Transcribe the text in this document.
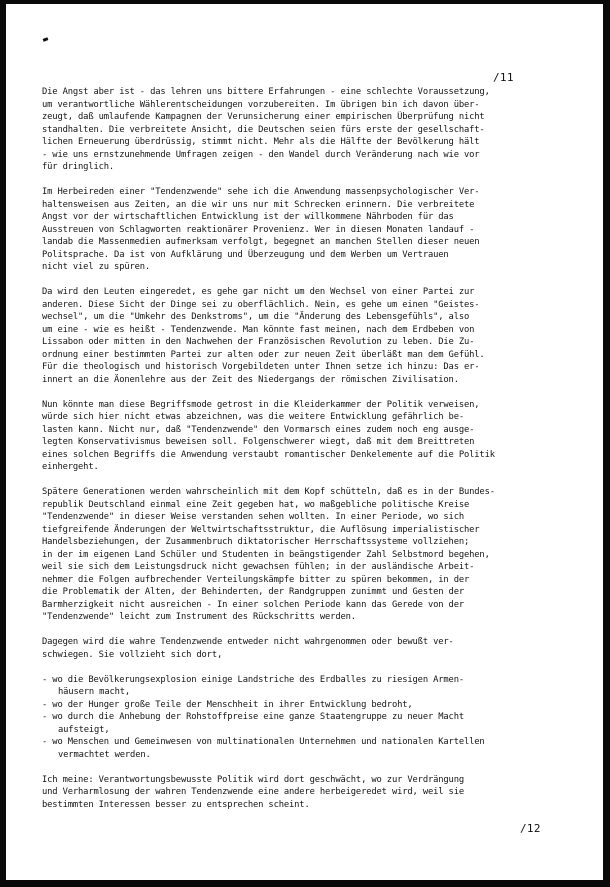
/11
Die Angst aber ist - das lehren uns bittere Erfahrungen - eine schlechte Voraussetzung,
um verantwortliche Wählerentscheidungen vorzubereiten. Im übrigen bin ich davon über-
zeugt, daß umlaufende Kampagnen der Verunsicherung einer empirischen Überprüfung nicht
standhalten. Die verbreitete Ansicht, die Deutschen seien fürs erste der gesellschaft-
lichen Erneuerung überdrüssig, stimmt nicht. Mehr als die Hälfte der Bevölkerung hält
- wie uns ernstzunehmende Umfragen zeigen - den Wandel durch Veränderung nach wie vor
für dringlich.
Im Herbeireden einer "Tendenzwende" sehe ich die Anwendung massenpsychologischer Ver-
haltensweisen aus Zeiten, an die wir uns nur mit Schrecken erinnern. Die verbreitete
Angst vor der wirtschaftlichen Entwicklung ist der willkommene Nährboden für das
Ausstreuen von Schlagworten reaktionärer Provenienz. Wer in diesen Monaten landauf -
landab die Massenmedien aufmerksam verfolgt, begegnet an manchen Stellen dieser neuen
Politsprache. Da ist von Aufklärung und Überzeugung und dem Werben um Vertrauen
nicht viel zu spüren.
Da wird den Leuten eingeredet, es gehe gar nicht um den Wechsel von einer Partei zur
anderen. Diese Sicht der Dinge sei zu oberflächlich. Nein, es gehe um einen "Geistes-
wechsel", um die "Umkehr des Denkstroms", um die "Änderung des Lebensgefühls", also
um eine - wie es heißt - Tendenzwende. Man könnte fast meinen, nach dem Erdbeben von
Lissabon oder mitten in den Nachwehen der Französischen Revolution zu leben. Die Zu-
ordnung einer bestimmten Partei zur alten oder zur neuen Zeit überläßt man dem Gefühl.
Für die theologisch und historisch Vorgebildeten unter Ihnen setze ich hinzu: Das er-
innert an die Äonenlehre aus der Zeit des Niedergangs der römischen Zivilisation.
Nun könnte man diese Begriffsmode getrost in die Kleiderkammer der Politik verweisen,
würde sich hier nicht etwas abzeichnen, was die weitere Entwicklung gefährlich be-
lasten kann. Nicht nur, daß "Tendenzwende" den Vormarsch eines zudem noch eng ausge-
legten Konservativismus beweisen soll. Folgenschwerer wiegt, daß mit dem Breittreten
eines solchen Begriffs die Anwendung verstaubt romantischer Denkelemente auf die Politik
einhergeht.
Spätere Generationen werden wahrscheinlich mit dem Kopf schütteln, daß es in der Bundes-
republik Deutschland einmal eine Zeit gegeben hat, wo maßgebliche politische Kreise
"Tendenzwende" in dieser Weise verstanden sehen wollten. In einer Periode, wo sich
tiefgreifende Änderungen der Weltwirtschaftsstruktur, die Auflösung imperialistischer
Handelsbeziehungen, der Zusammenbruch diktatorischer Herrschaftssysteme vollziehen;
in der im eigenen Land Schüler und Studenten in beängstigender Zahl Selbstmord begehen,
weil sie sich dem Leistungsdruck nicht gewachsen fühlen; in der ausländische Arbeit-
nehmer die Folgen aufbrechender Verteilungskämpfe bitter zu spüren bekommen, in der
die Problematik der Alten, der Behinderten, der Randgruppen zunimmt und Gesten der
Barmherzigkeit nicht ausreichen - In einer solchen Periode kann das Gerede von der
"Tendenzwende" leicht zum Instrument des Rückschritts werden.
Dagegen wird die wahre Tendenzwende entweder nicht wahrgenommen oder bewußt ver-
schwiegen. Sie vollzieht sich dort,
- wo die Bevölkerungsexplosion einige Landstriche des Erdballes zu riesigen Armen-
häusern macht,
- wo der Hunger große Teile der Menschheit in ihrer Entwicklung bedroht,
- wo durch die Anhebung der Rohstoffpreise eine ganze Staatengruppe zu neuer Macht
aufsteigt,
- wo Menschen und Gemeinwesen von multinationalen Unternehmen und nationalen Kartellen
vermachtet werden.
Ich meine: Verantwortungsbewusste Politik wird dort geschwächt, wo zur Verdrängung
und Verharmlosung der wahren Tendenzwende eine andere herbeigeredet wird, weil sie
bestimmten Interessen besser zu entsprechen scheint.
/12
